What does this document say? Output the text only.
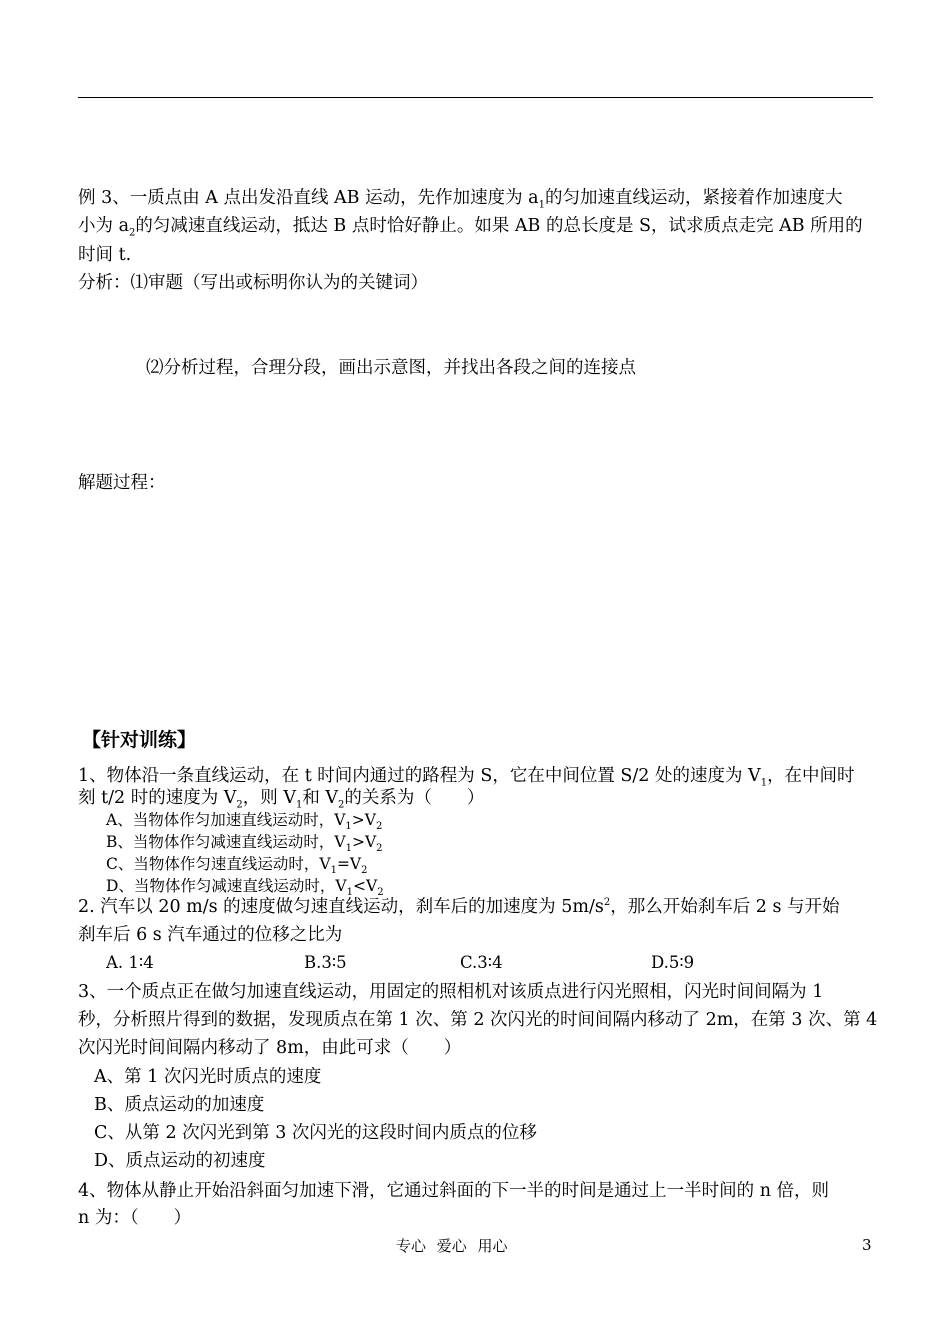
例 3、一质点由 A 点出发沿直线 AB 运动，先作加速度为 $a_1$的匀加速直线运动，紧接着作加速度大
小为 $a_2$的匀减速直线运动，抵达 B 点时恰好静止。如果 AB 的总长度是 S，试求质点走完 AB 所用的
时间 t.
分析：⑴审题（写出或标明你认为的关键词）
⑵分析过程，合理分段，画出示意图，并找出各段之间的连接点
解题过程：
【针对训练】
1、物体沿一条直线运动，在 t 时间内通过的路程为 S，它在中间位置 S/2 处的速度为 $V_1$，在中间时
刻 t/2 时的速度为 $V_2$，则 $V_1$和 $V_2$的关系为（　　）
A、当物体作匀加速直线运动时，$V_1>V_2$
B、当物体作匀减速直线运动时，$V_1>V_2$
C、当物体作匀速直线运动时，$V_1=V_2$
D、当物体作匀减速直线运动时，$V_1<V_2$
2. 汽车以 20 m/s 的速度做匀速直线运动，刹车后的加速度为 $5m/s^2$，那么开始刹车后 2 s 与开始
刹车后 6 s 汽车通过的位移之比为
A. 1∶4	B.3∶5	C.3∶4	D.5∶9
3、一个质点正在做匀加速直线运动，用固定的照相机对该质点进行闪光照相，闪光时间间隔为 1
秒，分析照片得到的数据，发现质点在第 1 次、第 2 次闪光的时间间隔内移动了 2m，在第 3 次、第 4
次闪光时间间隔内移动了 8m，由此可求（　　）
A、第 1 次闪光时质点的速度
B、质点运动的加速度
C、从第 2 次闪光到第 3 次闪光的这段时间内质点的位移
D、质点运动的初速度
4、物体从静止开始沿斜面匀加速下滑，它通过斜面的下一半的时间是通过上一半时间的 n 倍，则
n 为：（　　）
专心 爱心 用心	3
